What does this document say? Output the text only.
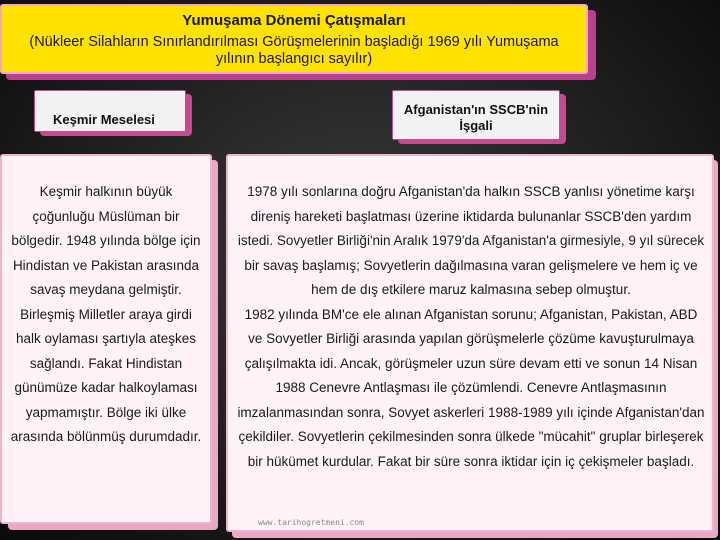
Yumuşama Dönemi Çatışmaları
(Nükleer Silahların Sınırlandırılması Görüşmelerinin başladığı 1969 yılı Yumuşama yılının başlangıcı sayılır)
Keşmir Meselesi
Afganistan'ın SSCB'nin İşgali

Keşmir halkının büyük çoğunluğu Müslüman bir bölgedir. 1948 yılında bölge için Hindistan ve Pakistan arasında savaş meydana gelmiştir. Birleşmiş Milletler araya girdi halk oylaması şartıyla ateşkes sağlandı. Fakat Hindistan günümüze kadar halkoylaması yapmamıştır. Bölge iki ülke arasında bölünmüş durumdadır.

1978 yılı sonlarına doğru Afganistan'da halkın SSCB yanlısı yönetime karşı direniş hareketi başlatması üzerine iktidarda bulunanlar SSCB'den yardım istedi. Sovyetler Birliği'nin Aralık 1979'da Afganistan'a girmesiyle, 9 yıl sürecek bir savaş başlamış; Sovyetlerin dağılmasına varan gelişmelere ve hem iç ve hem de dış etkilere maruz kalmasına sebep olmuştur.

1982 yılında BM'ce ele alınan Afganistan sorunu; Afganistan, Pakistan, ABD ve Sovyetler Birliği arasında yapılan görüşmelerle çözüme kavuşturulmaya çalışılmakta idi. Ancak, görüşmeler uzun süre devam etti ve sonun 14 Nisan 1988 Cenevre Antlaşması ile çözümlendi. Cenevre Antlaşmasının imzalanmasından sonra, Sovyet askerleri 1988-1989 yılı içinde Afganistan'dan çekildiler. Sovyetlerin çekilmesinden sonra ülkede "mücahit" gruplar birleşerek bir hükümet kurdular. Fakat bir süre sonra iktidar için iç çekişmeler başladı.

www.tarihogretmeni.com
